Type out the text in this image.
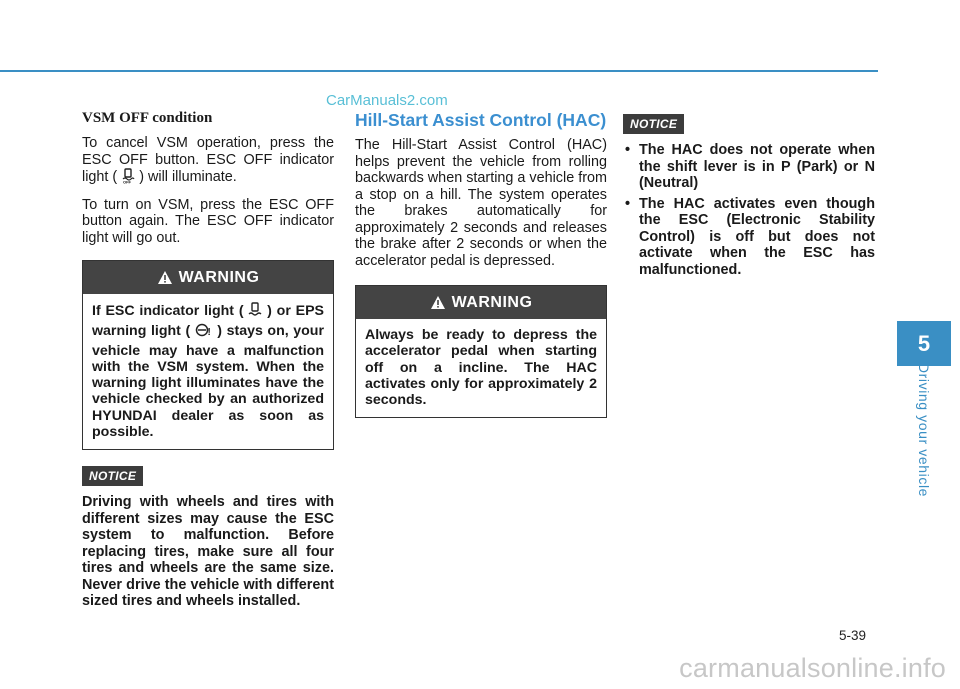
CarManuals2.com
VSM OFF condition

To cancel VSM operation, press the ESC OFF button. ESC OFF indicator light ( OFF ) will illuminate.

To turn on VSM, press the ESC OFF button again. The ESC OFF indicator light will go out.

WARNING
If ESC indicator light ( ) or EPS warning light ( ! ) stays on, your vehicle may have a malfunction with the VSM system. When the warning light illuminates have the vehicle checked by an authorized HYUNDAI dealer as soon as possible.
NOTICE

Driving with wheels and tires with different sizes may cause the ESC system to malfunction. Before replacing tires, make sure all four tires and wheels are the same size. Never drive the vehicle with different sized tires and wheels installed.

Hill-Start Assist Control (HAC)

The Hill-Start Assist Control (HAC) helps prevent the vehicle from rolling backwards when starting a vehicle from a stop on a hill. The system operates the brakes automatically for approximately 2 seconds and releases the brake after 2 seconds or when the accelerator pedal is depressed.

WARNING
Always be ready to depress the accelerator pedal when starting off on a incline. The HAC activates only for approximately 2 seconds.
NOTICE
• The HAC does not operate when the shift lever is in P (Park) or N (Neutral)
• The HAC activates even though the ESC (Electronic Stability Control) is off but does not activate when the ESC has malfunctioned.
5
Driving your vehicle
5-39
carmanualsonline.info
